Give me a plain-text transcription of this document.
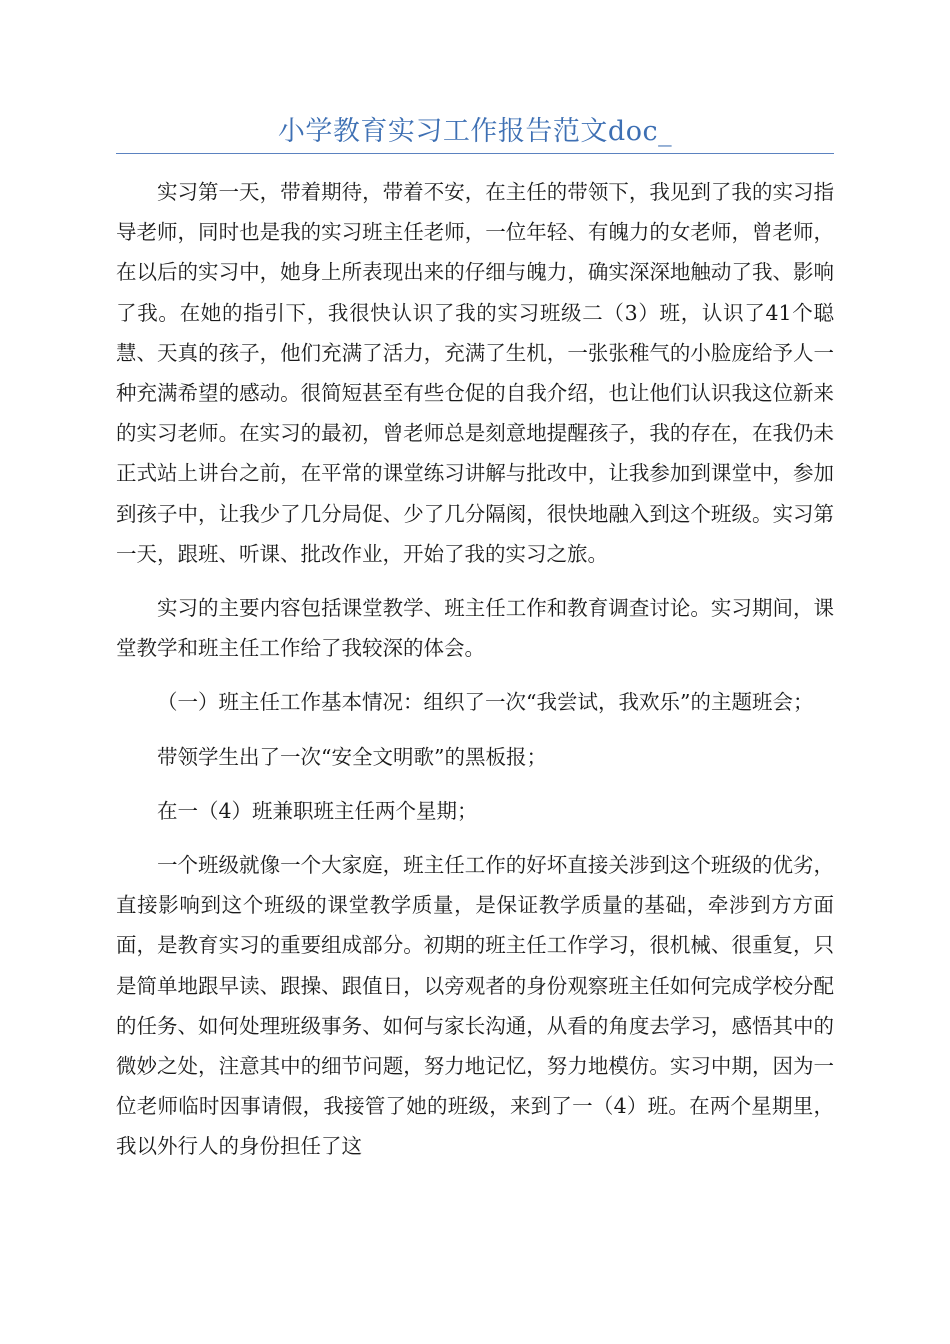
小学教育实习工作报告范文doc_

实习第一天，带着期待，带着不安，在主任的带领下，我见到了我的实习指导老师，同时也是我的实习班主任老师，一位年轻、有魄力的女老师，曾老师，在以后的实习中，她身上所表现出来的仔细与魄力，确实深深地触动了我、影响了我。在她的指引下，我很快认识了我的实习班级二（3）班，认识了41个聪慧、天真的孩子，他们充满了活力，充满了生机，一张张稚气的小脸庞给予人一种充满希望的感动。很简短甚至有些仓促的自我介绍，也让他们认识我这位新来的实习老师。在实习的最初，曾老师总是刻意地提醒孩子，我的存在，在我仍未正式站上讲台之前，在平常的课堂练习讲解与批改中，让我参加到课堂中，参加到孩子中，让我少了几分局促、少了几分隔阂，很快地融入到这个班级。实习第一天，跟班、听课、批改作业，开始了我的实习之旅。

实习的主要内容包括课堂教学、班主任工作和教育调查讨论。实习期间，课堂教学和班主任工作给了我较深的体会。

（一）班主任工作基本情况：组织了一次“我尝试，我欢乐”的主题班会；

带领学生出了一次“安全文明歌”的黑板报；

在一（4）班兼职班主任两个星期；

一个班级就像一个大家庭，班主任工作的好坏直接关涉到这个班级的优劣，直接影响到这个班级的课堂教学质量，是保证教学质量的基础，牵涉到方方面面，是教育实习的重要组成部分。初期的班主任工作学习，很机械、很重复，只是简单地跟早读、跟操、跟值日，以旁观者的身份观察班主任如何完成学校分配的任务、如何处理班级事务、如何与家长沟通，从看的角度去学习，感悟其中的微妙之处，注意其中的细节问题，努力地记忆，努力地模仿。实习中期，因为一位老师临时因事请假，我接管了她的班级，来到了一（4）班。在两个星期里，我以外行人的身份担任了这
